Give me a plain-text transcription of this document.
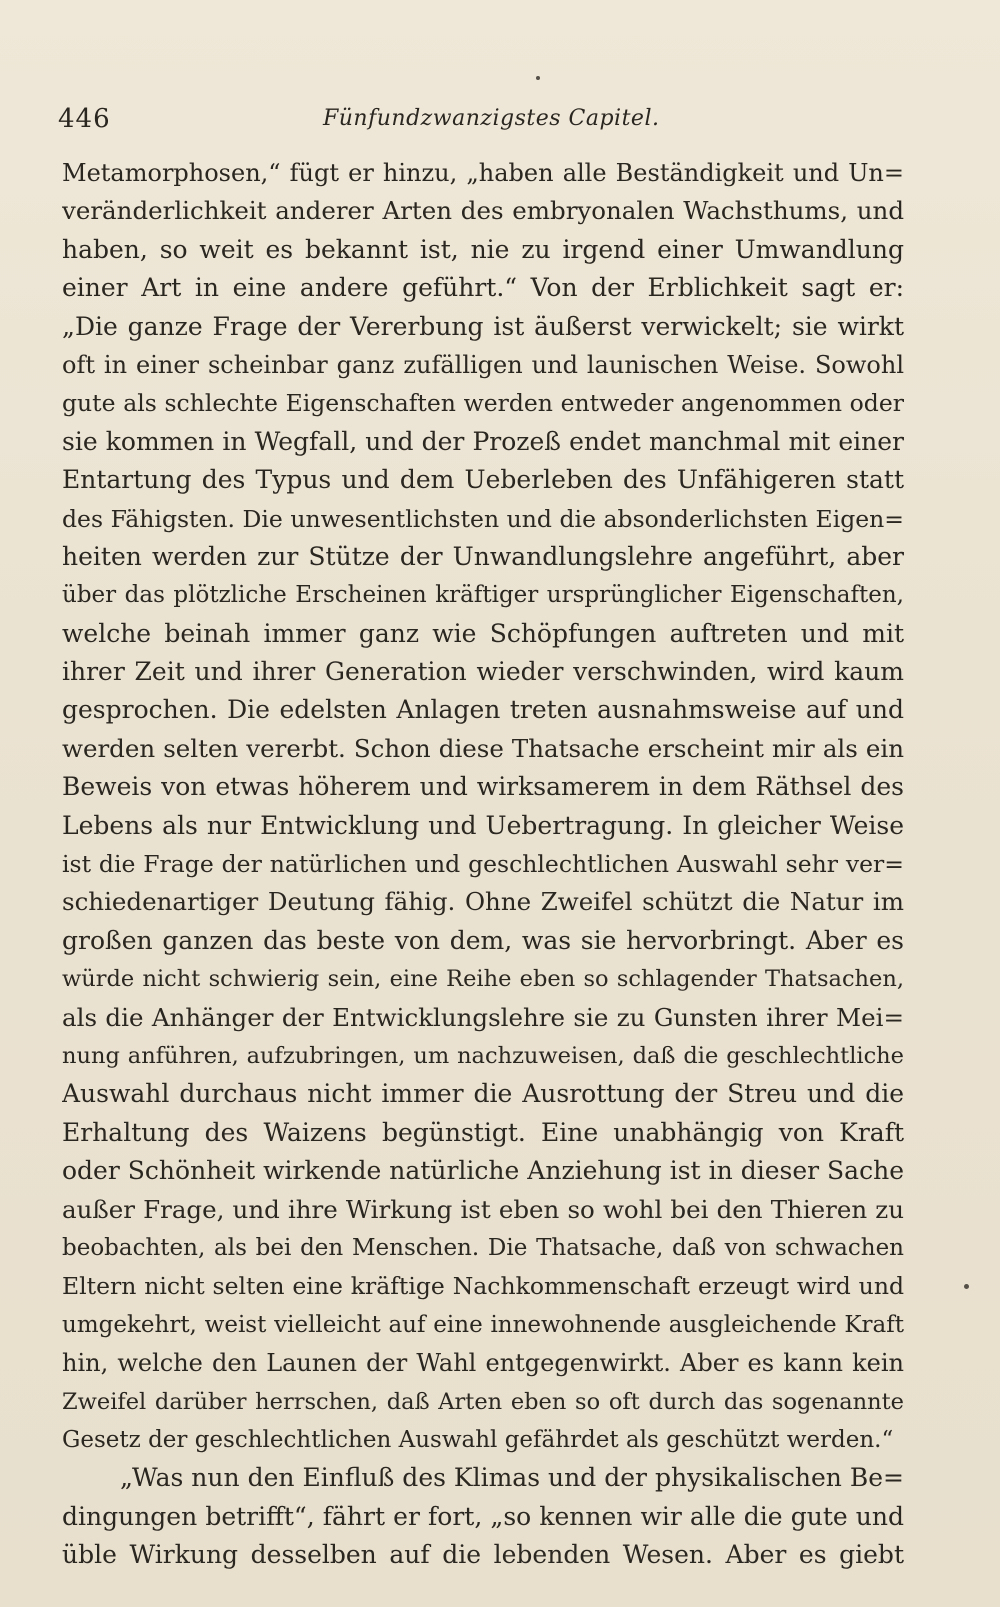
446	Fünfundzwanzigstes Capitel.
Metamorphosen,“ fügt er hinzu, „haben alle Beständigkeit und Un=
veränderlichkeit anderer Arten des embryonalen Wachsthums, und
haben, so weit es bekannt ist, nie zu irgend einer Umwandlung
einer Art in eine andere geführt.“ Von der Erblichkeit sagt er:
„Die ganze Frage der Vererbung ist äußerst verwickelt; sie wirkt
oft in einer scheinbar ganz zufälligen und launischen Weise. Sowohl
gute als schlechte Eigenschaften werden entweder angenommen oder
sie kommen in Wegfall, und der Prozeß endet manchmal mit einer
Entartung des Typus und dem Ueberleben des Unfähigeren statt
des Fähigsten. Die unwesentlichsten und die absonderlichsten Eigen=
heiten werden zur Stütze der Unwandlungslehre angeführt, aber
über das plötzliche Erscheinen kräftiger ursprünglicher Eigenschaften,
welche beinah immer ganz wie Schöpfungen auftreten und mit
ihrer Zeit und ihrer Generation wieder verschwinden, wird kaum
gesprochen. Die edelsten Anlagen treten ausnahmsweise auf und
werden selten vererbt. Schon diese Thatsache erscheint mir als ein
Beweis von etwas höherem und wirksamerem in dem Räthsel des
Lebens als nur Entwicklung und Uebertragung. In gleicher Weise
ist die Frage der natürlichen und geschlechtlichen Auswahl sehr ver=
schiedenartiger Deutung fähig. Ohne Zweifel schützt die Natur im
großen ganzen das beste von dem, was sie hervorbringt. Aber es
würde nicht schwierig sein, eine Reihe eben so schlagender Thatsachen,
als die Anhänger der Entwicklungslehre sie zu Gunsten ihrer Mei=
nung anführen, aufzubringen, um nachzuweisen, daß die geschlechtliche
Auswahl durchaus nicht immer die Ausrottung der Streu und die
Erhaltung des Waizens begünstigt. Eine unabhängig von Kraft
oder Schönheit wirkende natürliche Anziehung ist in dieser Sache
außer Frage, und ihre Wirkung ist eben so wohl bei den Thieren zu
beobachten, als bei den Menschen. Die Thatsache, daß von schwachen
Eltern nicht selten eine kräftige Nachkommenschaft erzeugt wird und
umgekehrt, weist vielleicht auf eine innewohnende ausgleichende Kraft
hin, welche den Launen der Wahl entgegenwirkt. Aber es kann kein
Zweifel darüber herrschen, daß Arten eben so oft durch das sogenannte
Gesetz der geschlechtlichen Auswahl gefährdet als geschützt werden.“
„Was nun den Einfluß des Klimas und der physikalischen Be=
dingungen betrifft“, fährt er fort, „so kennen wir alle die gute und
üble Wirkung desselben auf die lebenden Wesen. Aber es giebt
